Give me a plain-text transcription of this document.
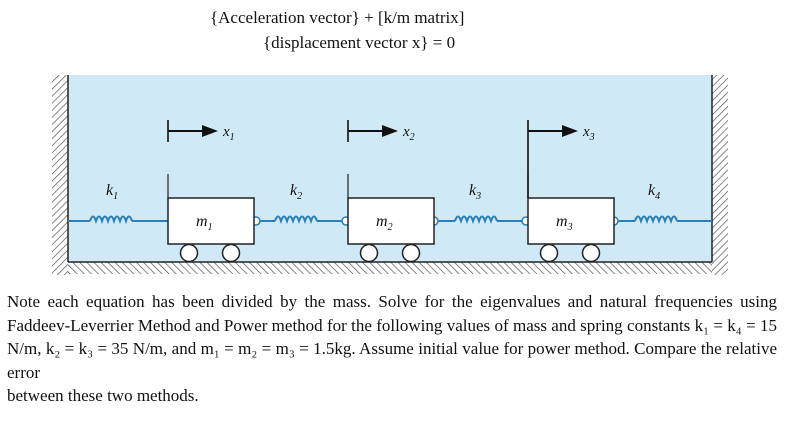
{Acceleration vector} + [k/m matrix]
{displacement vector x} = 0
$x_1$	$x_2$	$x_3$
$k_1$	$k_2$	$k_3$	$k_4$
$m_1$	$m_2$	$m_3$
Note each equation has been divided by the mass. Solve for the eigenvalues and natural frequencies using Faddeev-Leverrier Method and Power method for the following values of mass and spring constants k₁ = k₄ = 15 N/m, k₂ = k₃ = 35 N/m, and m₁ = m₂ = m₃ = 1.5kg. Assume initial value for power method. Compare the relative error
between these two methods.
